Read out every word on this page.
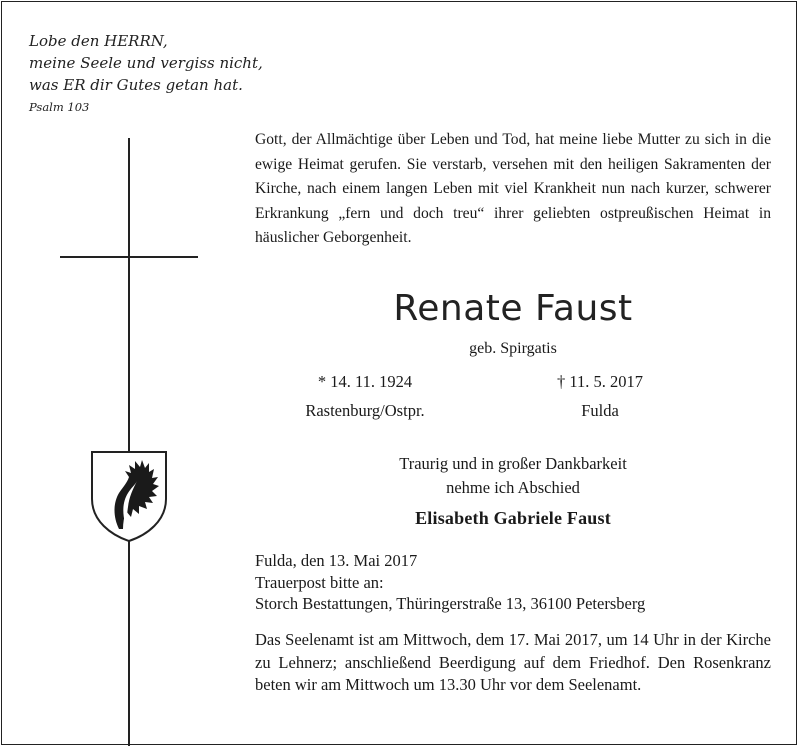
Lobe den HERRN,
meine Seele und vergiss nicht,
was ER dir Gutes getan hat.
Psalm 103
Gott, der Allmächtige über Leben und Tod, hat meine liebe Mutter zu sich in die ewige Heimat gerufen. Sie verstarb, versehen mit den heiligen Sakramenten der Kirche, nach einem langen Leben mit viel Krankheit nun nach kurzer, schwerer Erkrankung „fern und doch treu“ ihrer geliebten ostpreußischen Heimat in häuslicher Geborgenheit.
Renate Faust
geb. Spirgatis
* 14. 11. 1924	† 11. 5. 2017
Rastenburg/Ostpr.	Fulda
Traurig und in großer Dankbarkeit
nehme ich Abschied
Elisabeth Gabriele Faust
Fulda, den 13. Mai 2017
Trauerpost bitte an:
Storch Bestattungen, Thüringerstraße 13, 36100 Petersberg
Das Seelenamt ist am Mittwoch, dem 17. Mai 2017, um 14 Uhr in der Kirche zu Lehnerz; anschließend Beerdigung auf dem Friedhof. Den Rosenkranz beten wir am Mittwoch um 13.30 Uhr vor dem Seelenamt.
